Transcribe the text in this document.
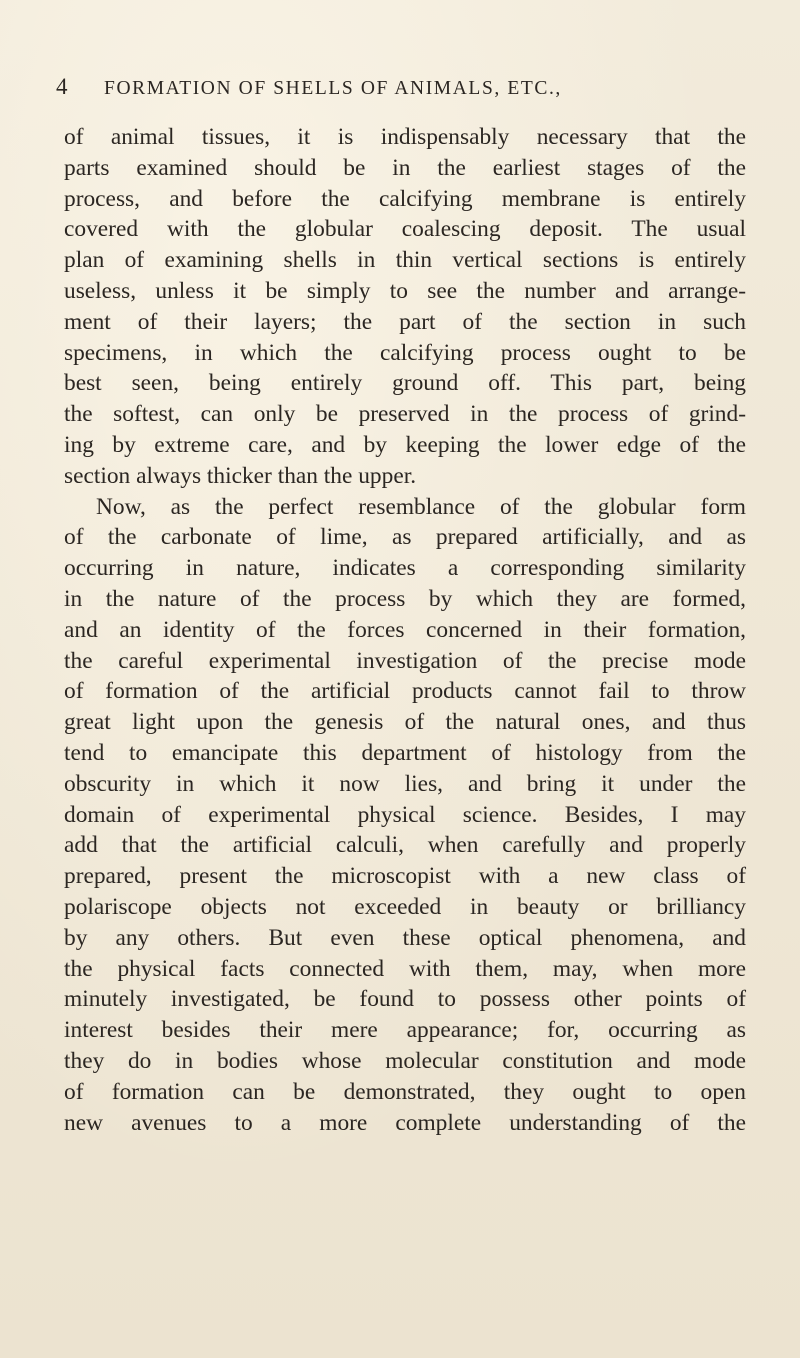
4 FORMATION OF SHELLS OF ANIMALS, ETC.,
of animal tissues, it is indispensably necessary that the
parts examined should be in the earliest stages of the
process, and before the calcifying membrane is entirely
covered with the globular coalescing deposit. The usual
plan of examining shells in thin vertical sections is entirely
useless, unless it be simply to see the number and arrange-
ment of their layers; the part of the section in such
specimens, in which the calcifying process ought to be
best seen, being entirely ground off. This part, being
the softest, can only be preserved in the process of grind-
ing by extreme care, and by keeping the lower edge of the
section always thicker than the upper.
Now, as the perfect resemblance of the globular form
of the carbonate of lime, as prepared artificially, and as
occurring in nature, indicates a corresponding similarity
in the nature of the process by which they are formed,
and an identity of the forces concerned in their formation,
the careful experimental investigation of the precise mode
of formation of the artificial products cannot fail to throw
great light upon the genesis of the natural ones, and thus
tend to emancipate this department of histology from the
obscurity in which it now lies, and bring it under the
domain of experimental physical science. Besides, I may
add that the artificial calculi, when carefully and properly
prepared, present the microscopist with a new class of
polariscope objects not exceeded in beauty or brilliancy
by any others. But even these optical phenomena, and
the physical facts connected with them, may, when more
minutely investigated, be found to possess other points of
interest besides their mere appearance; for, occurring as
they do in bodies whose molecular constitution and mode
of formation can be demonstrated, they ought to open
new avenues to a more complete understanding of the
